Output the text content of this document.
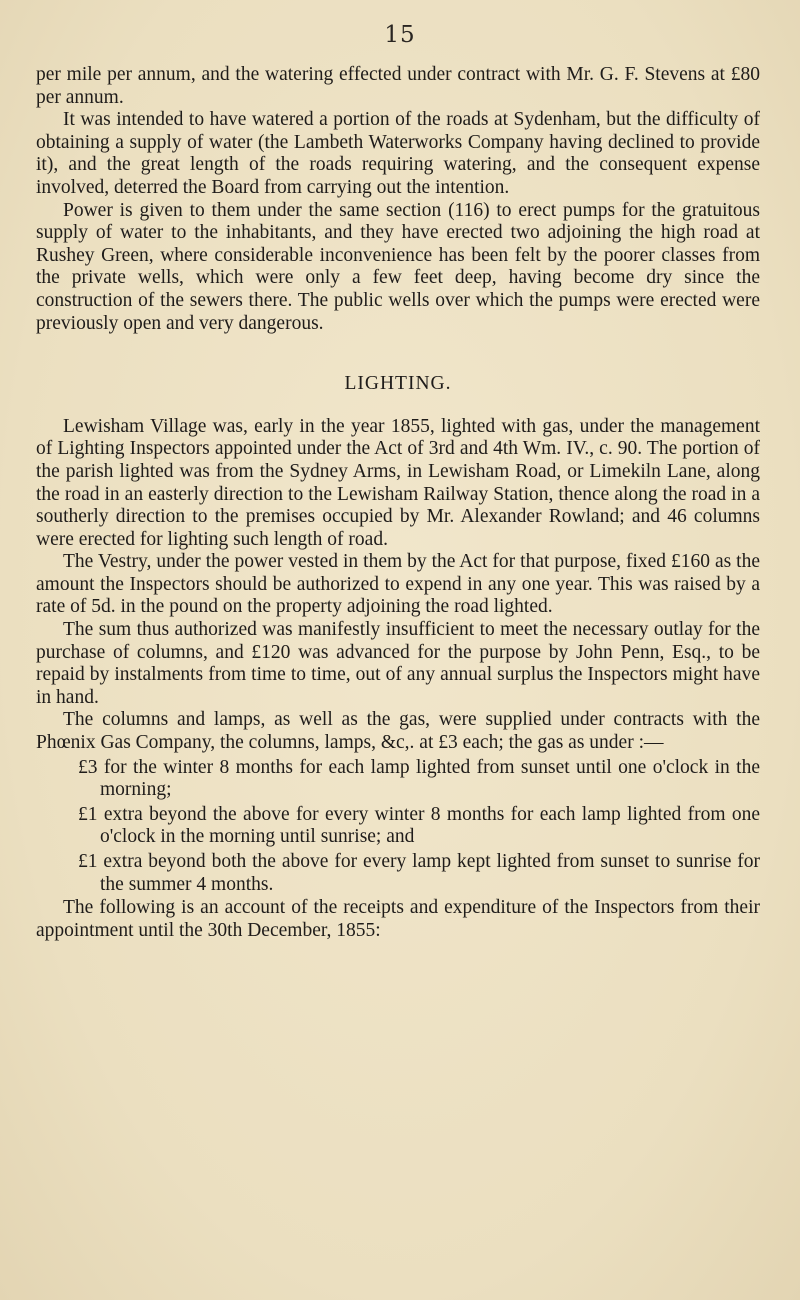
15

per mile per annum, and the watering effected under contract with Mr. G. F. Stevens at £80 per annum.

It was intended to have watered a portion of the roads at Sydenham, but the difficulty of obtaining a supply of water (the Lambeth Waterworks Company having declined to provide it), and the great length of the roads requiring watering, and the consequent expense involved, deterred the Board from carrying out the intention.

Power is given to them under the same section (116) to erect pumps for the gratuitous supply of water to the inhabitants, and they have erected two adjoining the high road at Rushey Green, where considerable inconvenience has been felt by the poorer classes from the private wells, which were only a few feet deep, having become dry since the construction of the sewers there. The public wells over which the pumps were erected were previously open and very dangerous.

LIGHTING.

Lewisham Village was, early in the year 1855, lighted with gas, under the management of Lighting Inspectors appointed under the Act of 3rd and 4th Wm. IV., c. 90. The portion of the parish lighted was from the Sydney Arms, in Lewisham Road, or Limekiln Lane, along the road in an easterly direction to the Lewisham Railway Station, thence along the road in a southerly direction to the premises occupied by Mr. Alexander Rowland; and 46 columns were erected for lighting such length of road.

The Vestry, under the power vested in them by the Act for that purpose, fixed £160 as the amount the Inspectors should be authorized to expend in any one year. This was raised by a rate of 5d. in the pound on the property adjoining the road lighted.

The sum thus authorized was manifestly insufficient to meet the necessary outlay for the purchase of columns, and £120 was advanced for the purpose by John Penn, Esq., to be repaid by instalments from time to time, out of any annual surplus the Inspectors might have in hand.

The columns and lamps, as well as the gas, were supplied under contracts with the Phœnix Gas Company, the columns, lamps, &c,. at £3 each; the gas as under :—

£3 for the winter 8 months for each lamp lighted from sunset until one o'clock in the morning;

£1 extra beyond the above for every winter 8 months for each lamp lighted from one o'clock in the morning until sunrise; and

£1 extra beyond both the above for every lamp kept lighted from sunset to sunrise for the summer 4 months.

The following is an account of the receipts and expenditure of the Inspectors from their appointment until the 30th December, 1855:
